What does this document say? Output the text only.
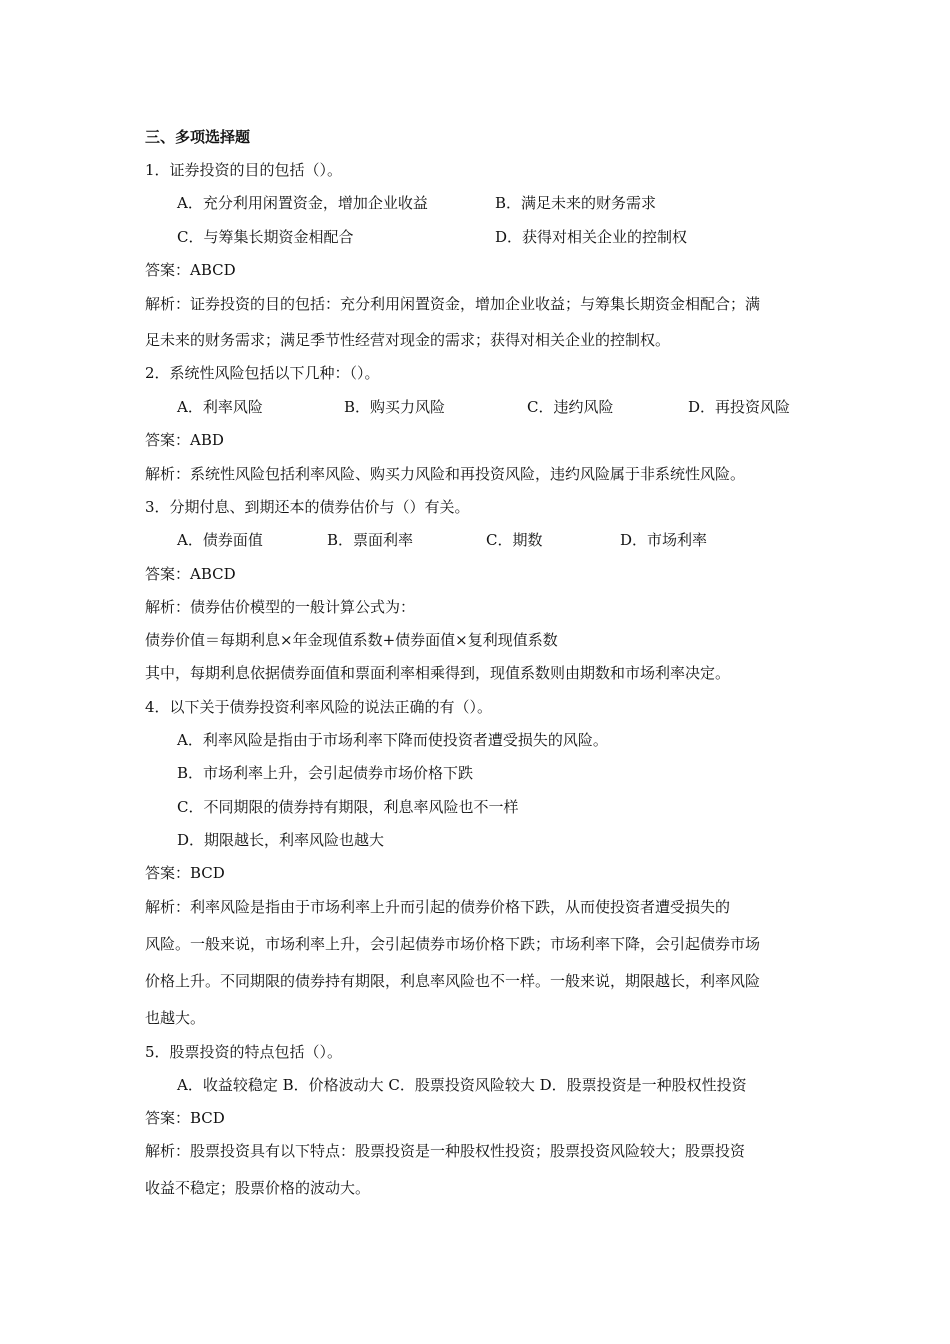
三、多项选择题
1．证券投资的目的包括（）。
A．充分利用闲置资金，增加企业收益	B．满足未来的财务需求
C．与筹集长期资金相配合	D．获得对相关企业的控制权
答案：ABCD
解析：证券投资的目的包括：充分利用闲置资金，增加企业收益；与筹集长期资金相配合；满
足未来的财务需求；满足季节性经营对现金的需求；获得对相关企业的控制权。
2．系统性风险包括以下几种：（）。
A．利率风险	B．购买力风险	C．违约风险	D．再投资风险
答案：ABD
解析：系统性风险包括利率风险、购买力风险和再投资风险，违约风险属于非系统性风险。
3．分期付息、到期还本的债券估价与（）有关。
A．债券面值	B．票面利率	C．期数	D．市场利率
答案：ABCD
解析：债券估价模型的一般计算公式为：
债券价值＝每期利息×年金现值系数+债券面值×复利现值系数
其中，每期利息依据债券面值和票面利率相乘得到，现值系数则由期数和市场利率决定。
4．以下关于债券投资利率风险的说法正确的有（）。
A．利率风险是指由于市场利率下降而使投资者遭受损失的风险。
B．市场利率上升，会引起债券市场价格下跌
C．不同期限的债券持有期限，利息率风险也不一样
D．期限越长，利率风险也越大
答案：BCD
解析：利率风险是指由于市场利率上升而引起的债券价格下跌，从而使投资者遭受损失的
风险。一般来说，市场利率上升，会引起债券市场价格下跌；市场利率下降，会引起债券市场
价格上升。不同期限的债券持有期限，利息率风险也不一样。一般来说，期限越长，利率风险
也越大。
5．股票投资的特点包括（）。
A．收益较稳定 B．价格波动大 C．股票投资风险较大 D．股票投资是一种股权性投资
答案：BCD
解析：股票投资具有以下特点：股票投资是一种股权性投资；股票投资风险较大；股票投资
收益不稳定；股票价格的波动大。
